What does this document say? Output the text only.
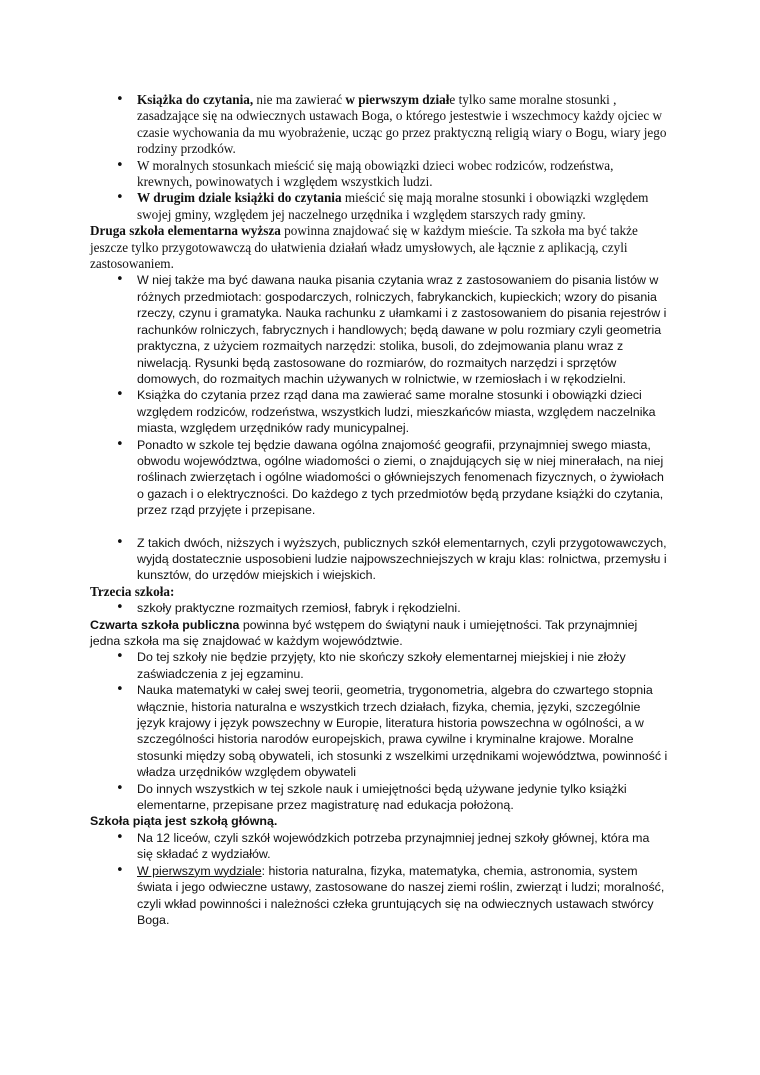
• Książka do czytania, nie ma zawierać w pierwszym działe tylko same moralne stosunki , zasadzające się na odwiecznych ustawach Boga, o którego jestestwie i wszechmocy każdy ojciec w czasie wychowania da mu wyobrażenie, ucząc go przez praktyczną religią wiary o Bogu, wiary jego rodziny przodków.
• W moralnych stosunkach mieścić się mają obowiązki dzieci wobec rodziców, rodzeństwa, krewnych, powinowatych i względem wszystkich ludzi.
• W drugim dziale książki do czytania mieścić się mają moralne stosunki i obowiązki względem swojej gminy, względem jej naczelnego urzędnika i względem starszych rady gminy.

Druga szkoła elementarna wyższa powinna znajdować się w każdym mieście. Ta szkoła ma być także jeszcze tylko przygotowawczą do ułatwienia działań władz umysłowych, ale łącznie z aplikacją, czyli zastosowaniem.

• W niej także ma być dawana nauka pisania czytania wraz z zastosowaniem do pisania listów w różnych przedmiotach: gospodarczych, rolniczych, fabrykanckich, kupieckich; wzory do pisania rzeczy, czynu i gramatyka. Nauka rachunku z ułamkami i z zastosowaniem do pisania rejestrów i rachunków rolniczych, fabrycznych i handlowych; będą dawane w polu rozmiary czyli geometria praktyczna, z użyciem rozmaitych narzędzi: stolika, busoli, do zdejmowania planu wraz z niwelacją. Rysunki będą zastosowane do rozmiarów, do rozmaitych narzędzi i sprzętów domowych, do rozmaitych machin używanych w rolnictwie, w rzemiosłach i w rękodzielni.
• Książka do czytania przez rząd dana ma zawierać same moralne stosunki i obowiązki dzieci względem rodziców, rodzeństwa, wszystkich ludzi, mieszkańców miasta, względem naczelnika miasta, względem urzędników rady municypalnej.
• Ponadto w szkole tej będzie dawana ogólna znajomość geografii, przynajmniej swego miasta, obwodu województwa, ogólne wiadomości o ziemi, o znajdujących się w niej minerałach, na niej roślinach zwierzętach i ogólne wiadomości o główniejszych fenomenach fizycznych, o żywiołach o gazach i o elektryczności. Do każdego z tych przedmiotów będą przydane książki do czytania, przez rząd przyjęte i przepisane.
• Z takich dwóch, niższych i wyższych, publicznych szkół elementarnych, czyli przygotowawczych, wyjdą dostatecznie usposobieni ludzie najpowszechniejszych w kraju klas: rolnictwa, przemysłu i kunsztów, do urzędów miejskich i wiejskich.

Trzecia szkoła:

• szkoły praktyczne rozmaitych rzemiosł, fabryk i rękodzielni.

Czwarta szkoła publiczna powinna być wstępem do świątyni nauk i umiejętności. Tak przynajmniej jedna szkoła ma się znajdować w każdym województwie.

• Do tej szkoły nie będzie przyjęty, kto nie skończy szkoły elementarnej miejskiej i nie złoży zaświadczenia z jej egzaminu.
• Nauka matematyki w całej swej teorii, geometria, trygonometria, algebra do czwartego stopnia włącznie, historia naturalna e wszystkich trzech działach, fizyka, chemia, języki, szczególnie język krajowy i język powszechny w Europie, literatura historia powszechna w ogólności, a w szczególności historia narodów europejskich, prawa cywilne i kryminalne krajowe. Moralne stosunki między sobą obywateli, ich stosunki z wszelkimi urzędnikami województwa, powinność i władza urzędników względem obywateli
• Do innych wszystkich w tej szkole nauk i umiejętności będą używane jedynie tylko książki elementarne, przepisane przez magistraturę nad edukacja położoną.

Szkoła piąta jest szkołą główną.

• Na 12 liceów, czyli szkół wojewódzkich potrzeba przynajmniej jednej szkoły głównej, która ma się składać z wydziałów.
• W pierwszym wydziale: historia naturalna, fizyka, matematyka, chemia, astronomia, system świata i jego odwieczne ustawy, zastosowane do naszej ziemi roślin, zwierząt i ludzi; moralność, czyli wkład powinności i należności człeka gruntujących się na odwiecznych ustawach stwórcy Boga.
